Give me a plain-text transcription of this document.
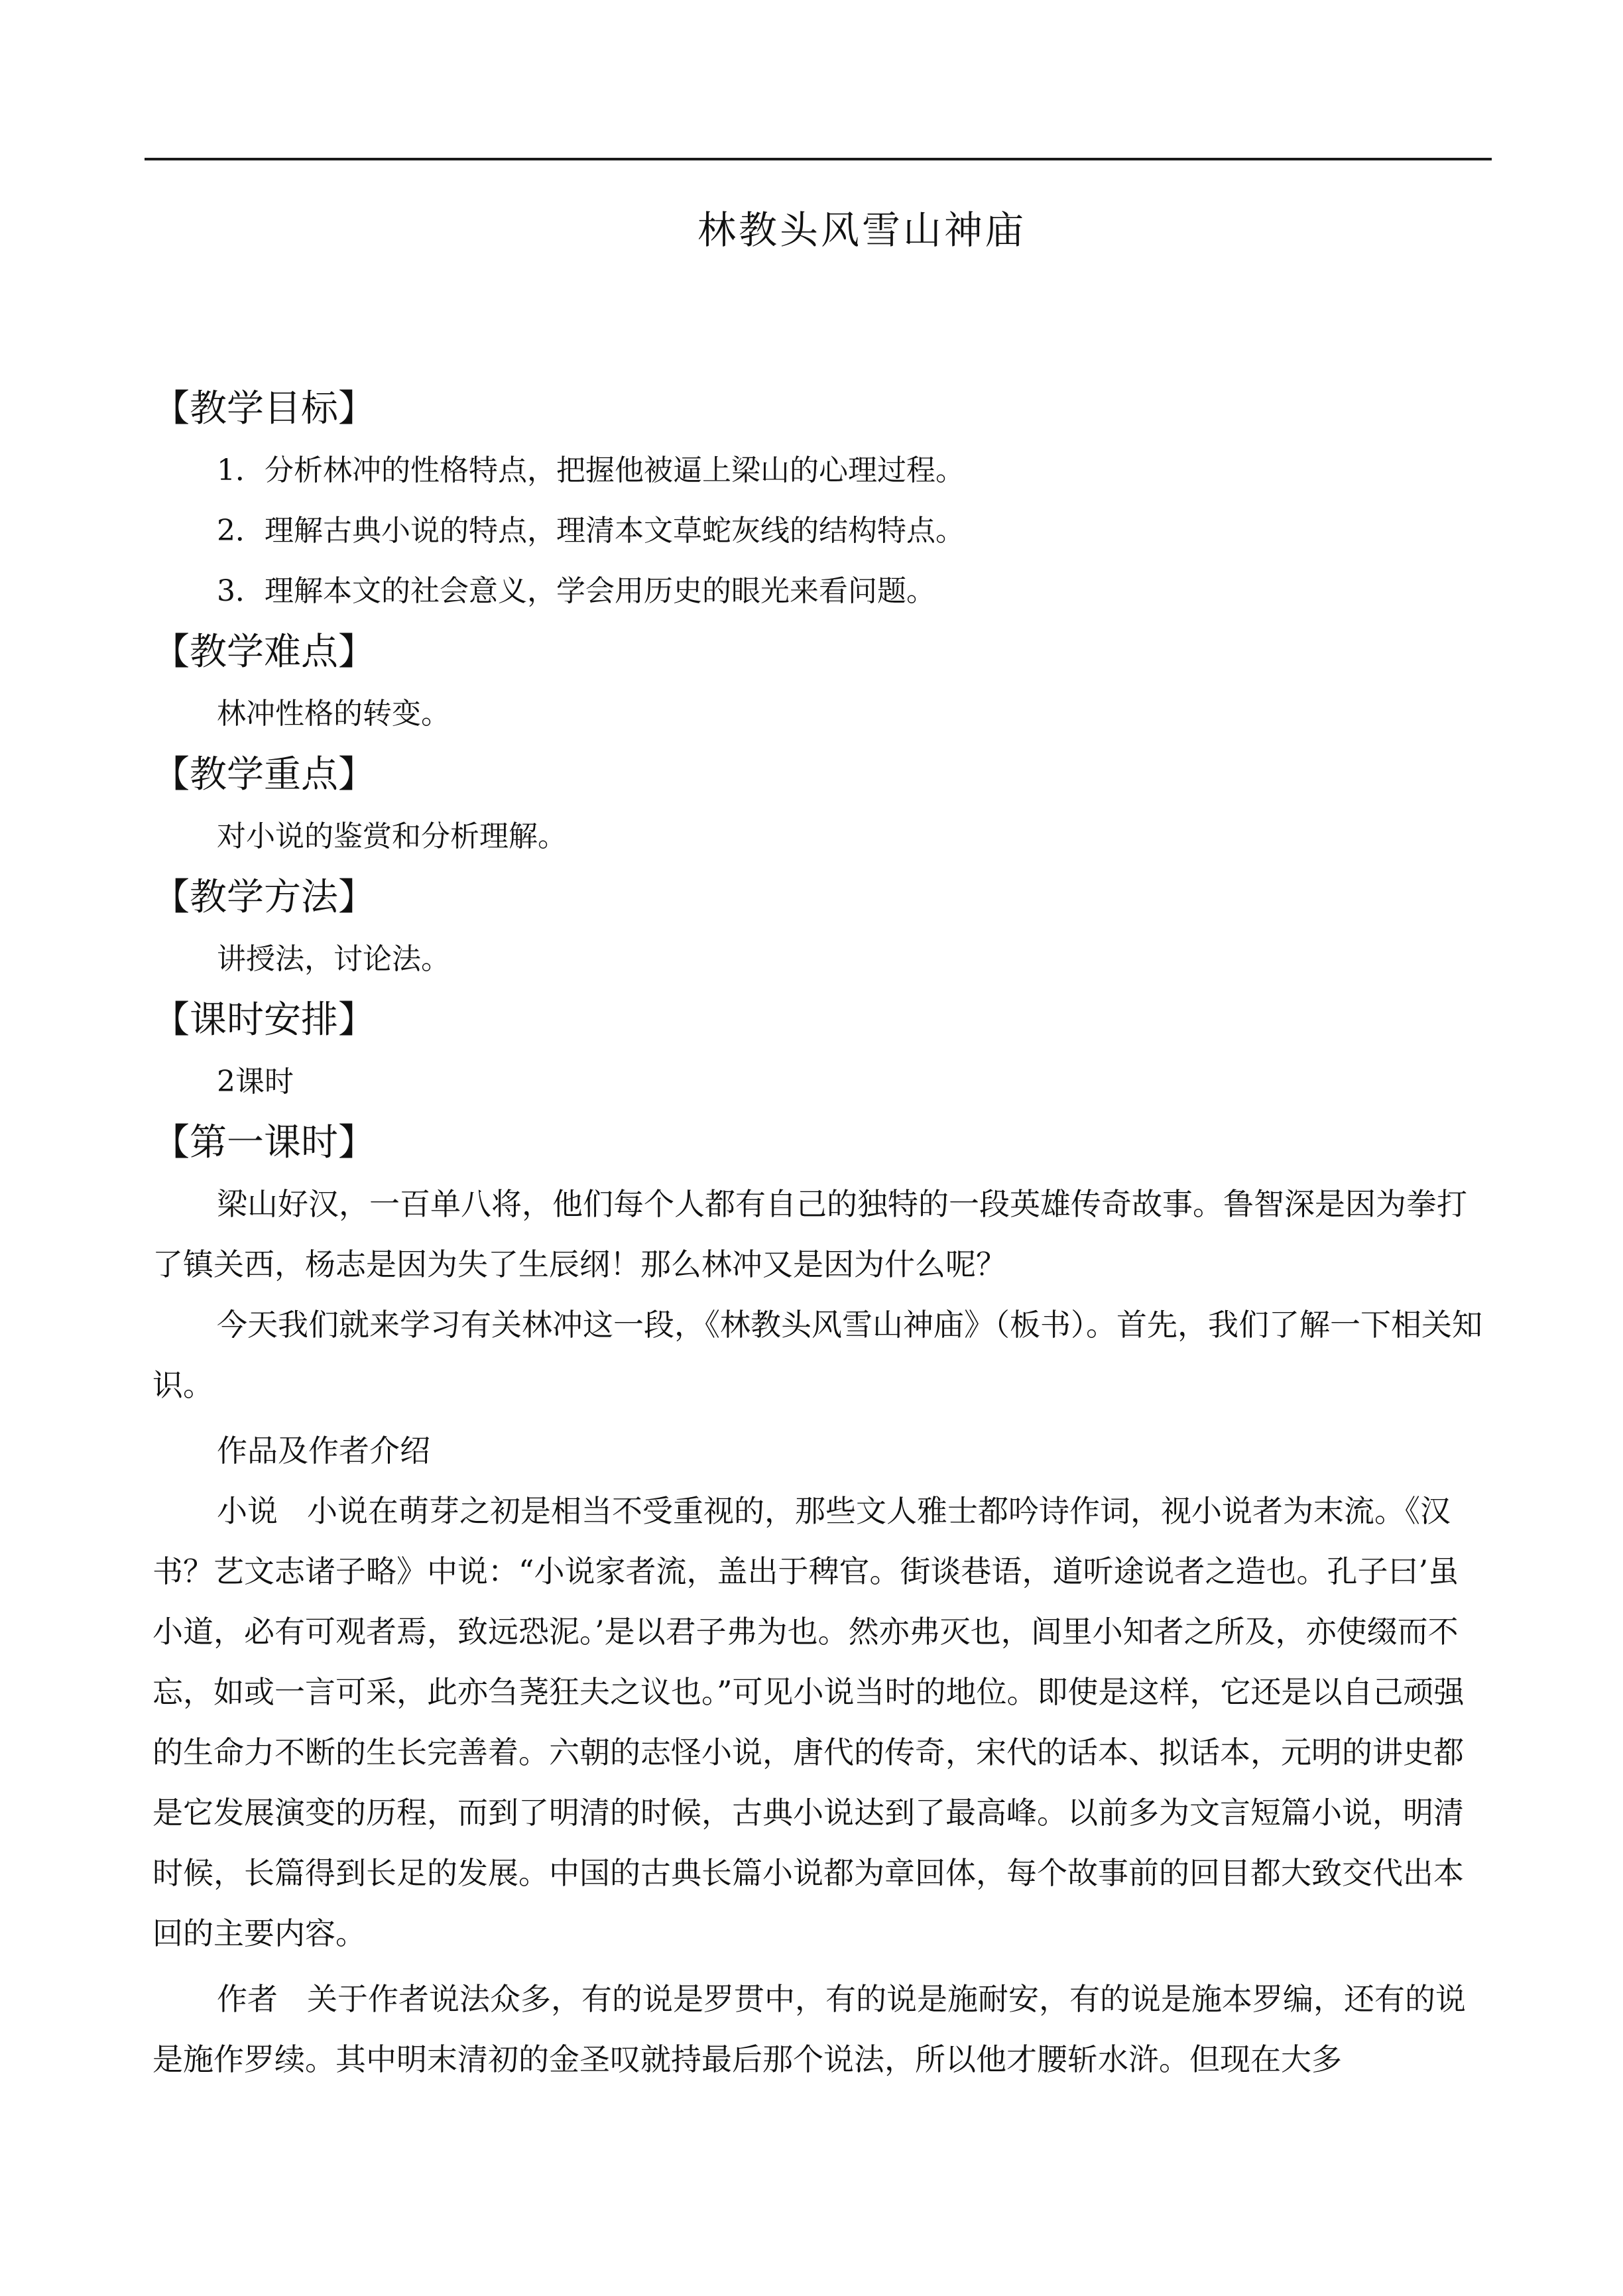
林教头风雪山神庙
【教学目标】
1．分析林冲的性格特点，把握他被逼上梁山的心理过程。
2．理解古典小说的特点，理清本文草蛇灰线的结构特点。
3．理解本文的社会意义，学会用历史的眼光来看问题。
【教学难点】
林冲性格的转变。
【教学重点】
对小说的鉴赏和分析理解。
【教学方法】
讲授法，讨论法。
【课时安排】
2课时
【第一课时】

梁山好汉，一百单八将，他们每个人都有自己的独特的一段英雄传奇故事。鲁智深是因为拳打了镇关西，杨志是因为失了生辰纲！那么林冲又是因为什么呢？

今天我们就来学习有关林冲这一段，《林教头风雪山神庙》（板书）。首先，我们了解一下相关知识。

作品及作者介绍

小说 小说在萌芽之初是相当不受重视的，那些文人雅士都吟诗作词，视小说者为末流。《汉书？艺文志诸子略》中说：“小说家者流，盖出于稗官。街谈巷语，道听途说者之造也。孔子曰’虽小道，必有可观者焉，致远恐泥。’是以君子弗为也。然亦弗灭也，闾里小知者之所及，亦使缀而不忘，如或一言可采，此亦刍荛狂夫之议也。”可见小说当时的地位。即使是这样，它还是以自己顽强的生命力不断的生长完善着。六朝的志怪小说，唐代的传奇，宋代的话本、拟话本，元明的讲史都是它发展演变的历程，而到了明清的时候，古典小说达到了最高峰。以前多为文言短篇小说，明清时候，长篇得到长足的发展。中国的古典长篇小说都为章回体，每个故事前的回目都大致交代出本回的主要内容。

作者 关于作者说法众多，有的说是罗贯中，有的说是施耐安，有的说是施本罗编，还有的说是施作罗续。其中明末清初的金圣叹就持最后那个说法，所以他才腰斩水浒。但现在大多
